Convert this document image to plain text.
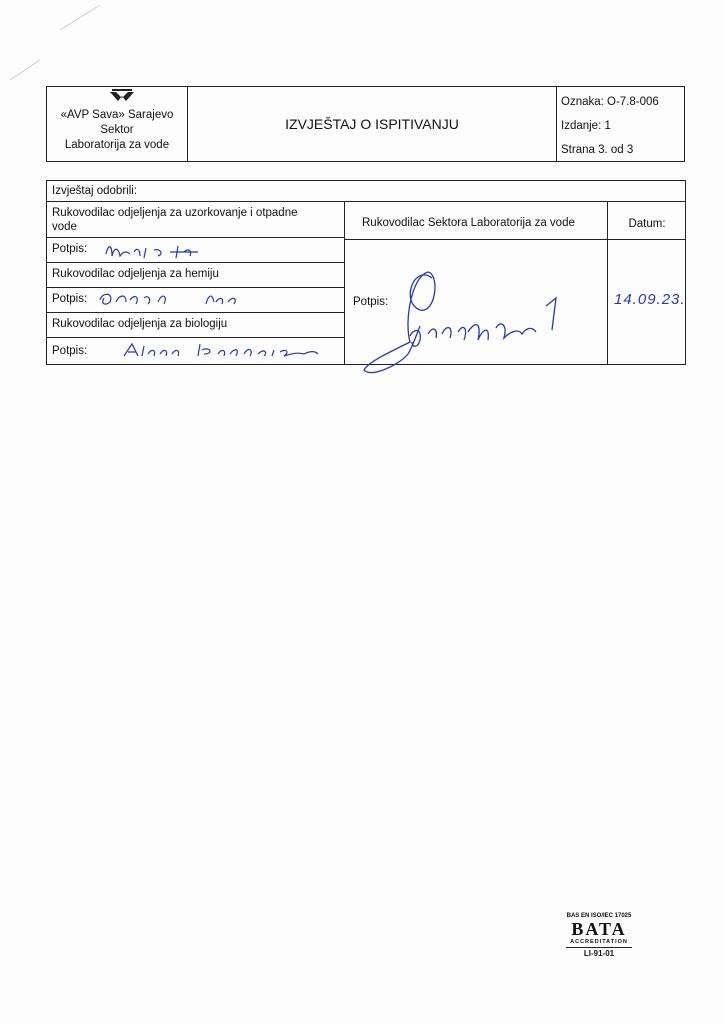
«AVP Sava» Sarajevo
Sektor
Laboratorija za vode
IZVJEŠTAJ O ISPITIVANJU
Oznaka: O-7.8-006
Izdanje: 1
Strana 3. od 3
Izvještaj odobrili:
Rukovodilac odjeljenja za uzorkovanje i otpadne
vode
Potpis:
Rukovodilac odjeljenja za hemiju
Potpis:
Rukovodilac odjeljenja za biologiju
Potpis:
Rukovodilac Sektora Laboratorija za vode
Potpis:
Datum:
14.09.23.
BAS EN ISO/IEC 17025
BATA
ACCREDITATION
LI-91-01
